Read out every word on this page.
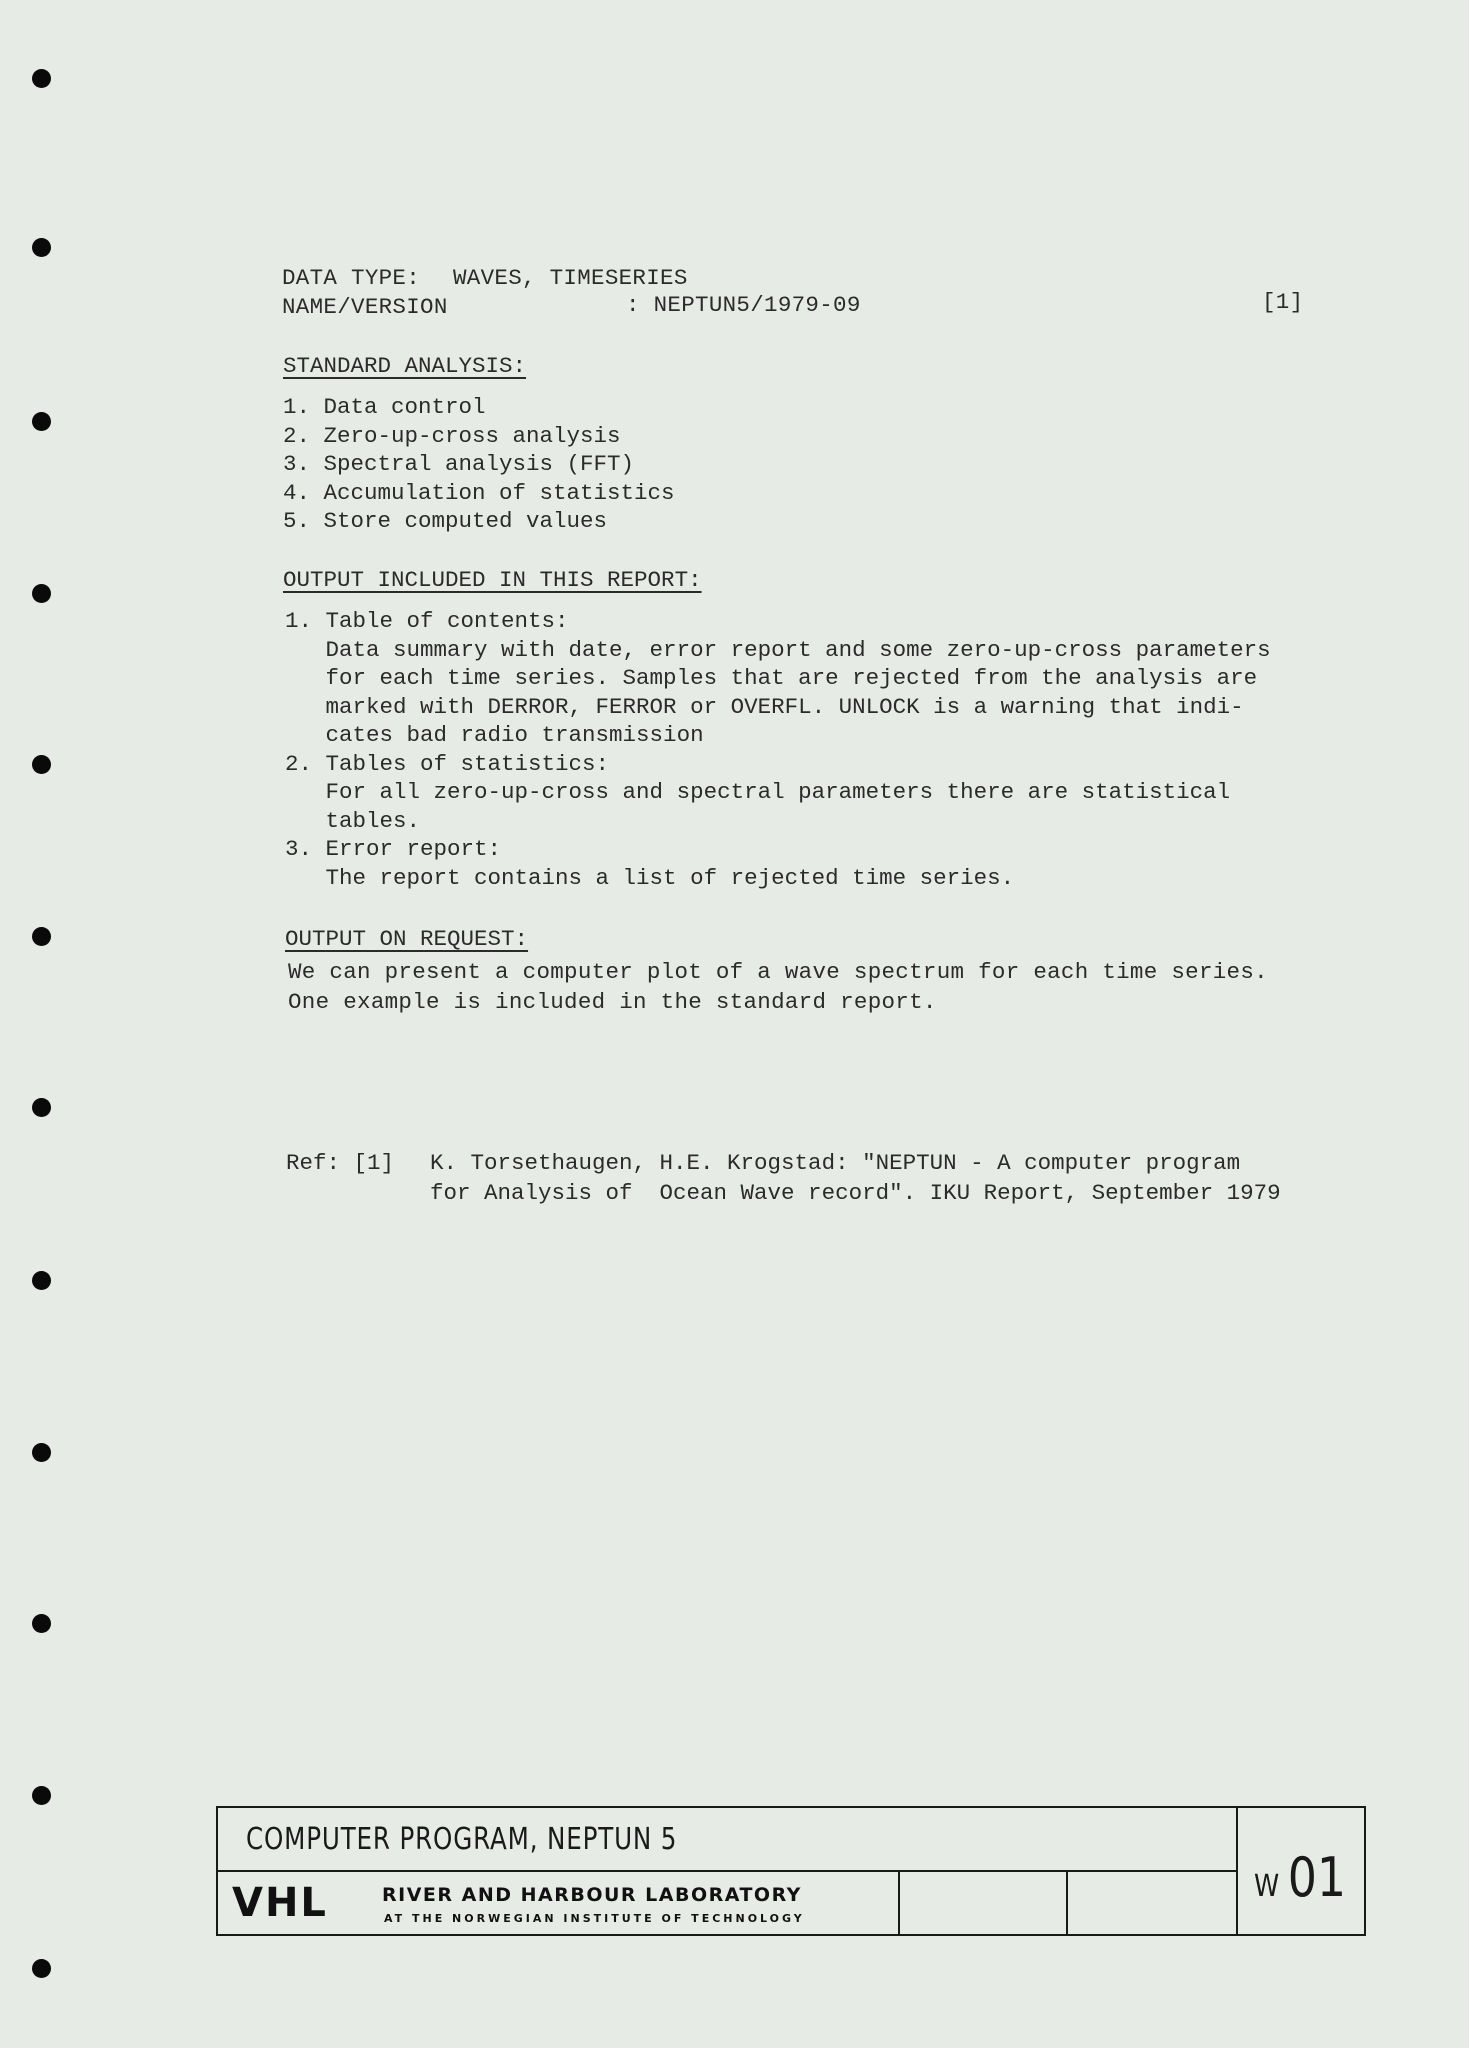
DATA TYPE: WAVES, TIMESERIES
NAME/VERSION	: NEPTUN5/1979-09	[1]
STANDARD ANALYSIS:
1. Data control
2. Zero-up-cross analysis
3. Spectral analysis (FFT)
4. Accumulation of statistics
5. Store computed values
OUTPUT INCLUDED IN THIS REPORT:
1. Table of contents:
Data summary with date, error report and some zero-up-cross parameters
for each time series. Samples that are rejected from the analysis are
marked with DERROR, FERROR or OVERFL. UNLOCK is a warning that indi-
cates bad radio transmission
2. Tables of statistics:
For all zero-up-cross and spectral parameters there are statistical
tables.
3. Error report:
The report contains a list of rejected time series.
OUTPUT ON REQUEST:
We can present a computer plot of a wave spectrum for each time series.
One example is included in the standard report.
Ref: [1] K. Torsethaugen, H.E. Krogstad: "NEPTUN - A computer program
for Analysis of  Ocean Wave record". IKU Report, September 1979
COMPUTER PROGRAM, NEPTUN 5
VHL	RIVER AND HARBOUR LABORATORY
AT THE NORWEGIAN INSTITUTE OF TECHNOLOGY
W 01
